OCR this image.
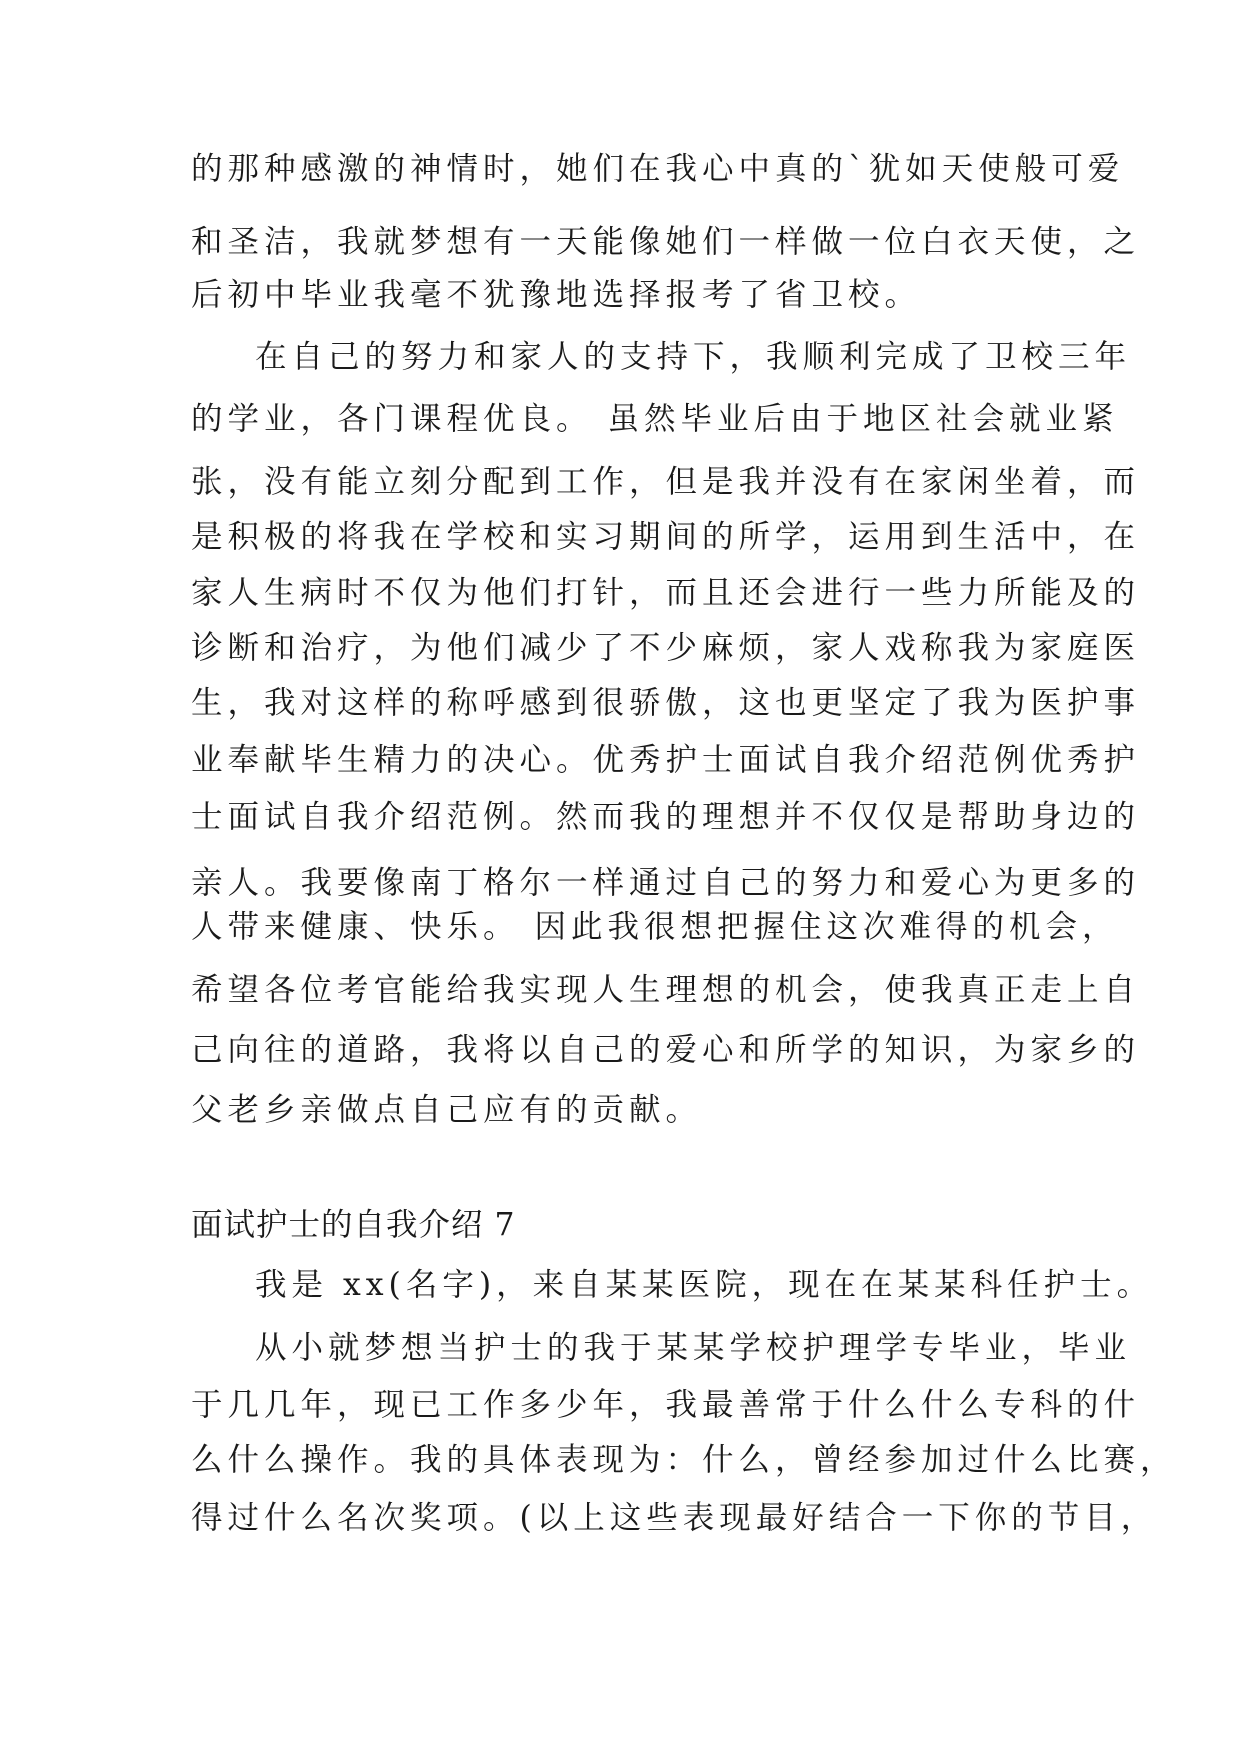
的那种感激的神情时，她们在我心中真的`犹如天使般可爱

和圣洁，我就梦想有一天能像她们一样做一位白衣天使，之

后初中毕业我毫不犹豫地选择报考了省卫校。

在自己的努力和家人的支持下，我顺利完成了卫校三年

的学业，各门课程优良。 虽然毕业后由于地区社会就业紧

张，没有能立刻分配到工作，但是我并没有在家闲坐着，而

是积极的将我在学校和实习期间的所学，运用到生活中，在

家人生病时不仅为他们打针，而且还会进行一些力所能及的

诊断和治疗，为他们减少了不少麻烦，家人戏称我为家庭医

生，我对这样的称呼感到很骄傲，这也更坚定了我为医护事

业奉献毕生精力的决心。优秀护士面试自我介绍范例优秀护

士面试自我介绍范例。然而我的理想并不仅仅是帮助身边的

亲人。我要像南丁格尔一样通过自己的努力和爱心为更多的

人带来健康、快乐。 因此我很想把握住这次难得的机会，

希望各位考官能给我实现人生理想的机会，使我真正走上自

己向往的道路，我将以自己的爱心和所学的知识，为家乡的

父老乡亲做点自己应有的贡献。

面试护士的自我介绍 7

我是 xx(名字)，来自某某医院，现在在某某科任护士。

从小就梦想当护士的我于某某学校护理学专毕业，毕业

于几几年，现已工作多少年，我最善常于什么什么专科的什

么什么操作。我的具体表现为：什么，曾经参加过什么比赛，

得过什么名次奖项。(以上这些表现最好结合一下你的节目，
